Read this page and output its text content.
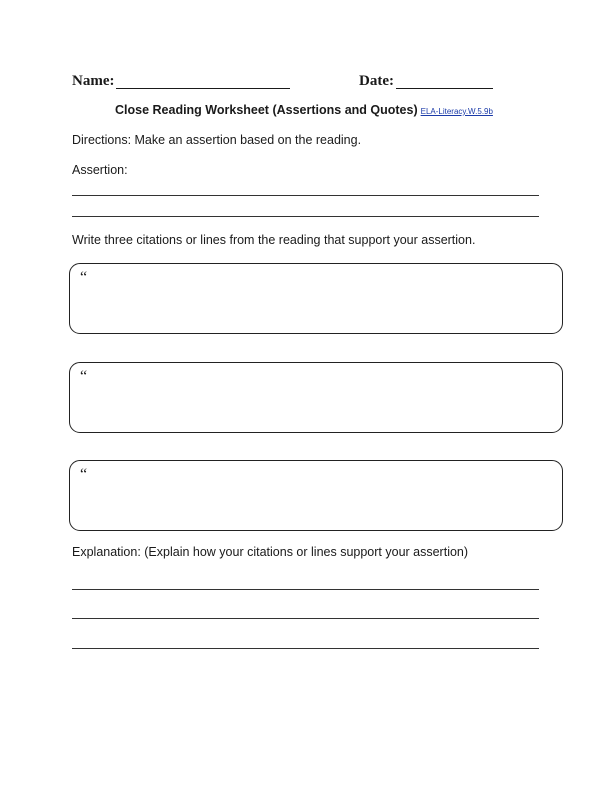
Name:	Date:
Close Reading Worksheet (Assertions and Quotes) ELA-Literacy.W.5.9b
Directions: Make an assertion based on the reading.
Assertion:
Write three citations or lines from the reading that support your assertion.
“
“
“
Explanation: (Explain how your citations or lines support your assertion)
